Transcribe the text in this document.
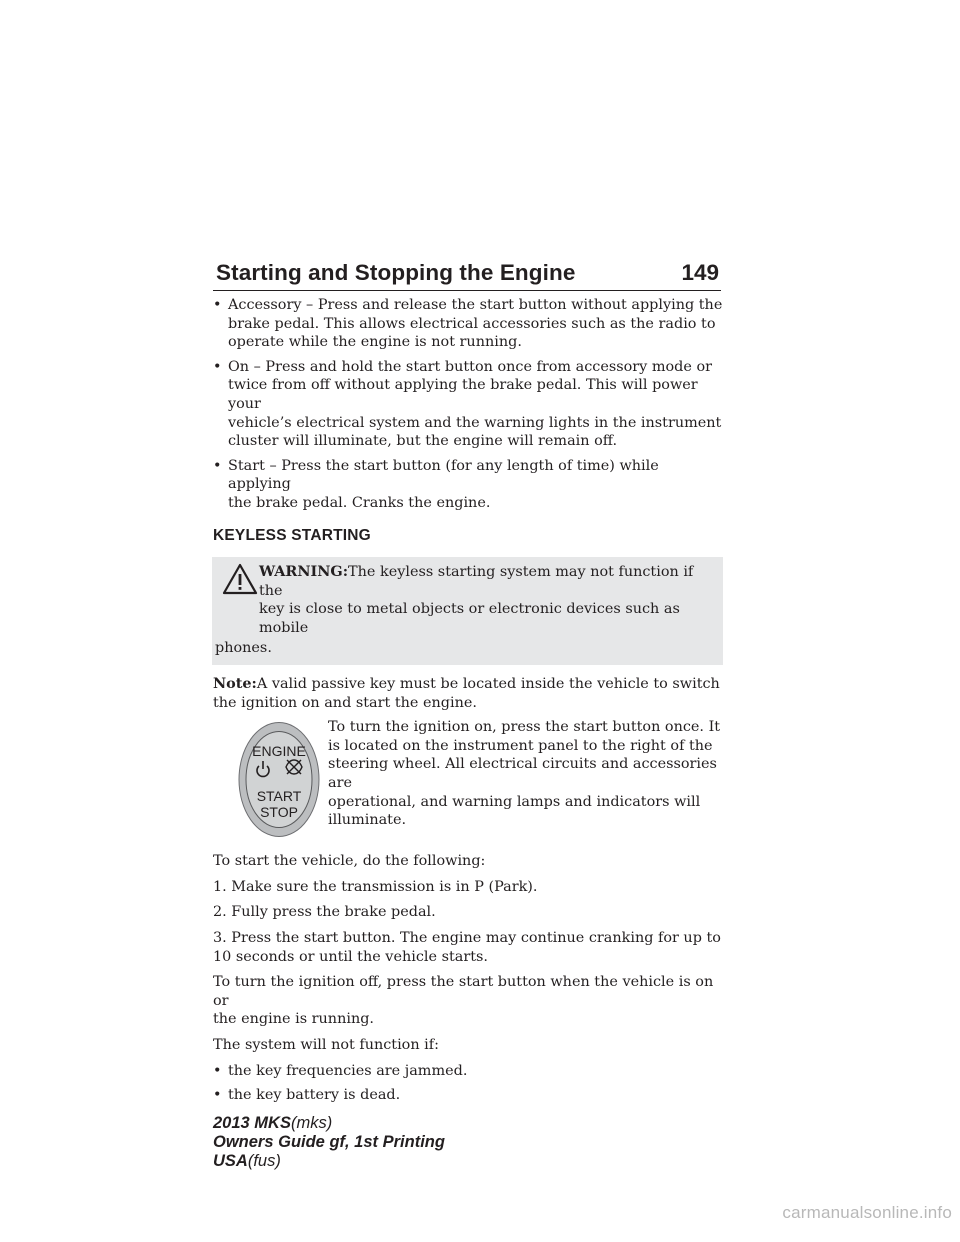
Starting and Stopping the Engine	149
• Accessory – Press and release the start button without applying the
brake pedal. This allows electrical accessories such as the radio to
operate while the engine is not running.
• On – Press and hold the start button once from accessory mode or
twice from off without applying the brake pedal. This will power your
vehicle’s electrical system and the warning lights in the instrument
cluster will illuminate, but the engine will remain off.
• Start – Press the start button (for any length of time) while applying
the brake pedal. Cranks the engine.
KEYLESS STARTING
WARNING:The keyless starting system may not function if the
key is close to metal objects or electronic devices such as mobile
phones.
Note:A valid passive key must be located inside the vehicle to switch
the ignition on and start the engine.
ENGINE
START
STOP
To turn the ignition on, press the start button once. It
is located on the instrument panel to the right of the
steering wheel. All electrical circuits and accessories are
operational, and warning lamps and indicators will
illuminate.
To start the vehicle, do the following:
1. Make sure the transmission is in P (Park).
2. Fully press the brake pedal.
3. Press the start button. The engine may continue cranking for up to
10 seconds or until the vehicle starts.
To turn the ignition off, press the start button when the vehicle is on or
the engine is running.
The system will not function if:
• the key frequencies are jammed.
• the key battery is dead.
2013 MKS(mks)
Owners Guide gf, 1st Printing
USA(fus)
carmanualsonline.info
